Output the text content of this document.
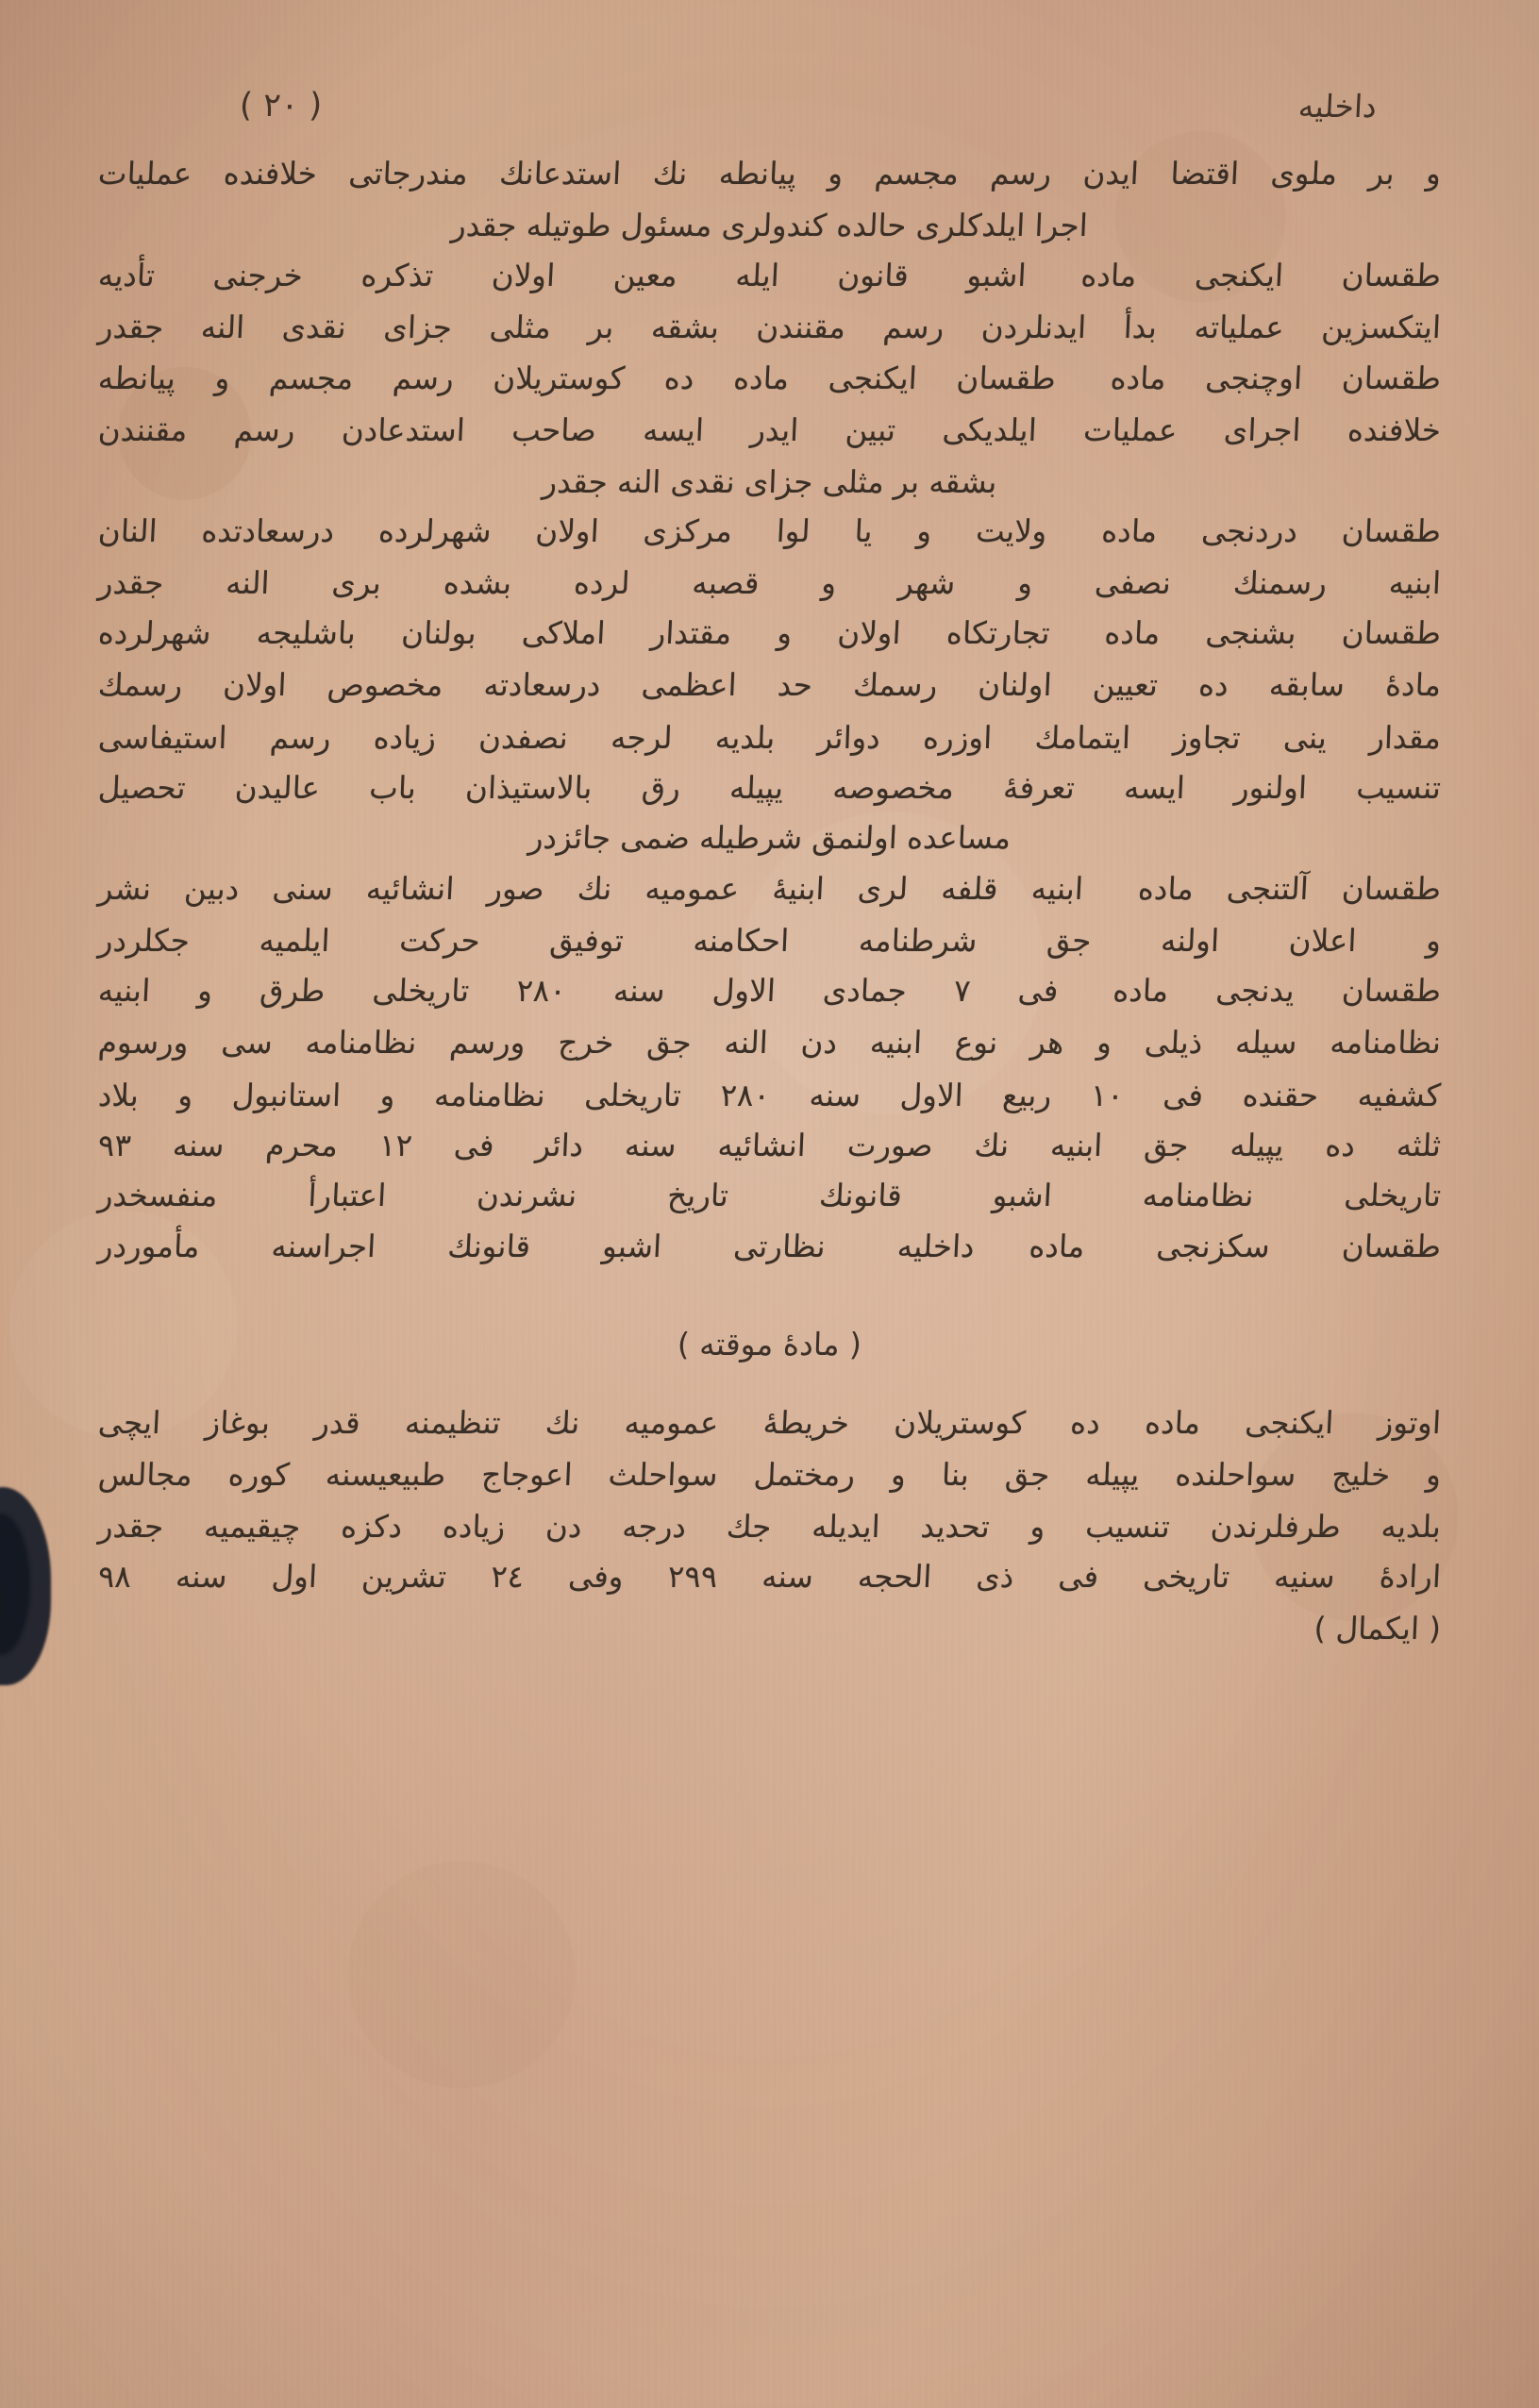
داخليه
( ٢٠ )
و بر ملوى اقتضا ايدن رسم مجسم و پيانطه نك استدعانك مندرجاتى خلافنده عمليات
اجرا ايلدكلرى حالده كندولرى مسئول طوتيله جقدر
طقسان ايكنجی مادهاشبو قانون ايله معين اولان تذكره خرجنى تأديه
ايتكسزين عملياته بدأ ايدنلردن رسم مقنندن بشقه بر مثلى جزای نقدی النه جقدر
طقسان اوچنجی مادهطقسان ايكنجی ماده ده كوستريلان رسم مجسم و پيانطه
خلافنده اجرای عمليات ايلدیكی تبين ايدر ايسه صاحب استدعادن رسم مقنندن
بشقه بر مثلى جزای نقدی النه جقدر
طقسان دردنجی مادهولايت و يا لوا مركزی اولان شهرلرده درسعادتده النان
ابنيه رسمنك نصفى و شهر و قصبه لرده بشده برى النه جقدر
طقسان بشنجی مادهتجارتكاه اولان و مقتدار املاكی بولنان باشليجه شهرلرده
مادهٔ سابقه ده تعيين اولنان رسمك حد اعظمى درسعادته مخصوص اولان رسمك
مقدار ينی تجاوز ايتمامك اوزره دوائر بلديه لرجه نصفدن زياده رسم استيفاسى
تنسيب اولنور ايسه تعرفهٔ مخصوصه يپيله رق بالاستيذان باب عاليدن تحصيل
مساعده اولنمق شرطيله ضمی جائزدر
طقسان آلتنجی مادهابنيه قلفه لرى ابنيهٔ عموميه نك صور انشائيه سنى دبين نشر
و اعلان اولنه جق شرطنامه احكامنه توفيق حركت ايلميه جكلردر
طقسان يدنجی مادهفی ٧ جمادی الاول سنه ٢٨٠ تاريخلى طرق و ابنيه
نظامنامه سيله ذيلى و هر نوع ابنيه دن النه جق خرج ورسم نظامنامه سی ورسوم
كشفيه حقنده فی ١٠ ربيع الاول سنه ٢٨٠ تاريخلى نظامنامه و استانبول و بلاد
ثلثه ده يپيله جق ابنيه نك صورت انشائيه سنه دائر فی ١٢ محرم سنه ٩٣
تاريخلى نظامنامه اشبو قانونك تاريخ نشرندن اعتبارأ منفسخدر
طقسان سكزنجی مادهداخليه نظارتى اشبو قانونك اجراسنه مأموردر
( مادهٔ موقته )
اوتوز ايكنجی ماده ده كوستريلان خريطهٔ عموميه نك تنظيمنه قدر بوغاز ايچى
و خليج سواحلنده يپيله جق بنا و رمختمل سواحلث اعوجاج طبيعيسنه كوره مجالس
بلديه طرفلرندن تنسيب و تحديد ايديله جك درجه دن زياده دكزه چيقيميه جقدر
ارادهٔ سنيه تاريخی فی ذی الحجه سنه ٢٩٩ وفی ٢٤ تشرين اول سنه ٩٨
( ايكمال )
